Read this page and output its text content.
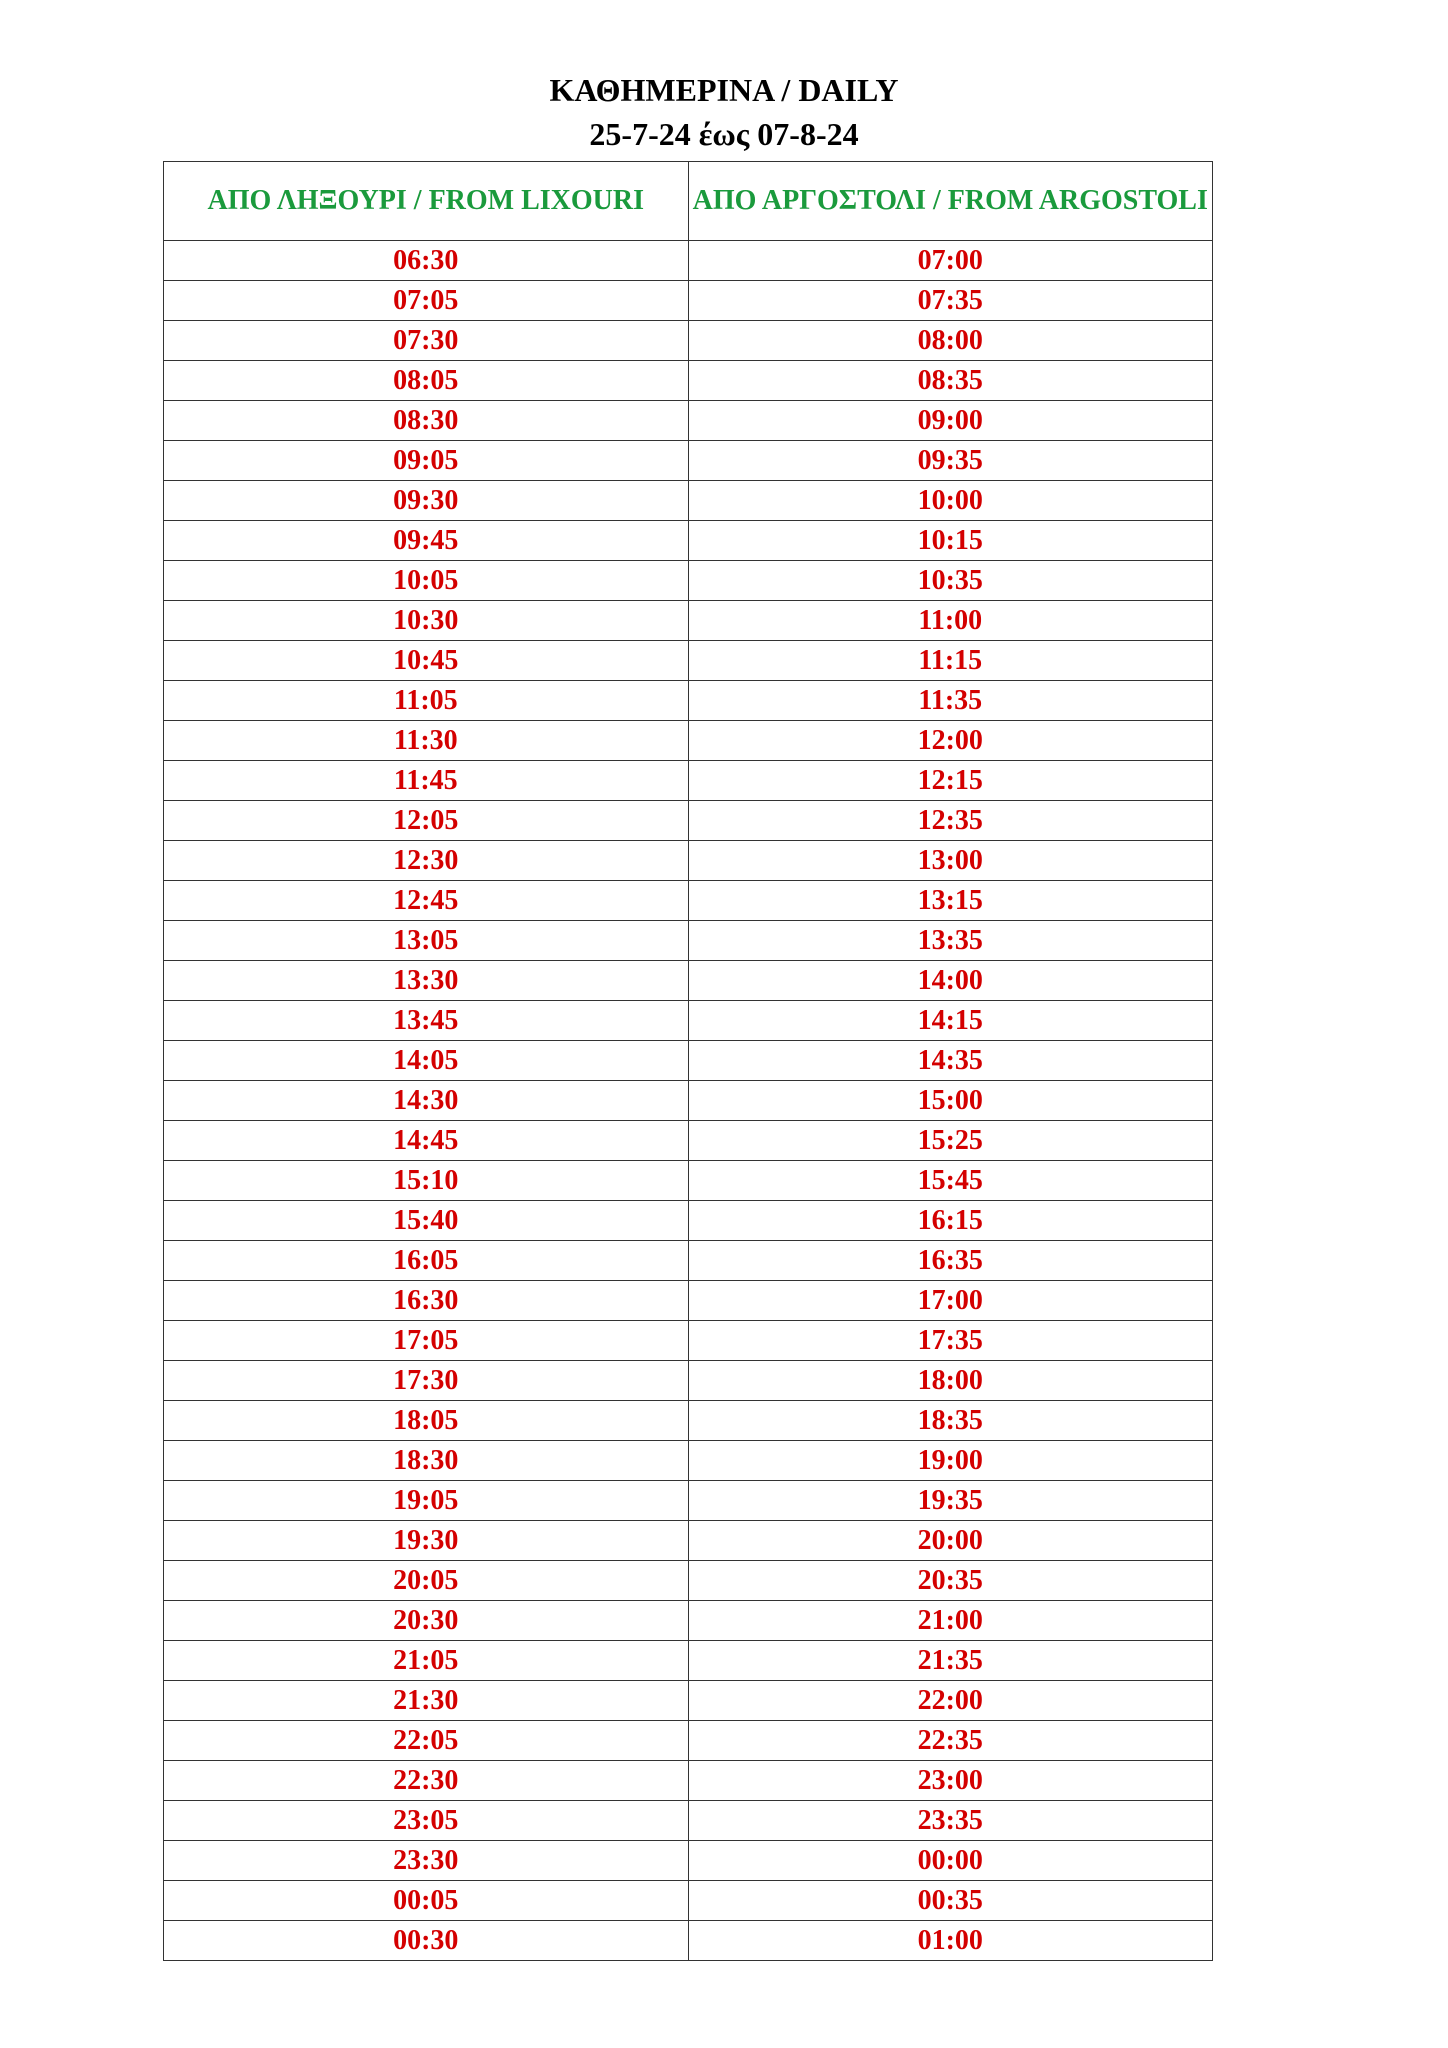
ΚΑΘΗΜΕΡΙΝΑ / DAILY
25-7-24 έως 07-8-24
ΑΠΟ ΛΗΞΟΥΡΙ / FROM LIXOURI	ΑΠΟ ΑΡΓΟΣΤΟΛΙ / FROM ARGOSTOLI
06:30	07:00
07:05	07:35
07:30	08:00
08:05	08:35
08:30	09:00
09:05	09:35
09:30	10:00
09:45	10:15
10:05	10:35
10:30	11:00
10:45	11:15
11:05	11:35
11:30	12:00
11:45	12:15
12:05	12:35
12:30	13:00
12:45	13:15
13:05	13:35
13:30	14:00
13:45	14:15
14:05	14:35
14:30	15:00
14:45	15:25
15:10	15:45
15:40	16:15
16:05	16:35
16:30	17:00
17:05	17:35
17:30	18:00
18:05	18:35
18:30	19:00
19:05	19:35
19:30	20:00
20:05	20:35
20:30	21:00
21:05	21:35
21:30	22:00
22:05	22:35
22:30	23:00
23:05	23:35
23:30	00:00
00:05	00:35
00:30	01:00
